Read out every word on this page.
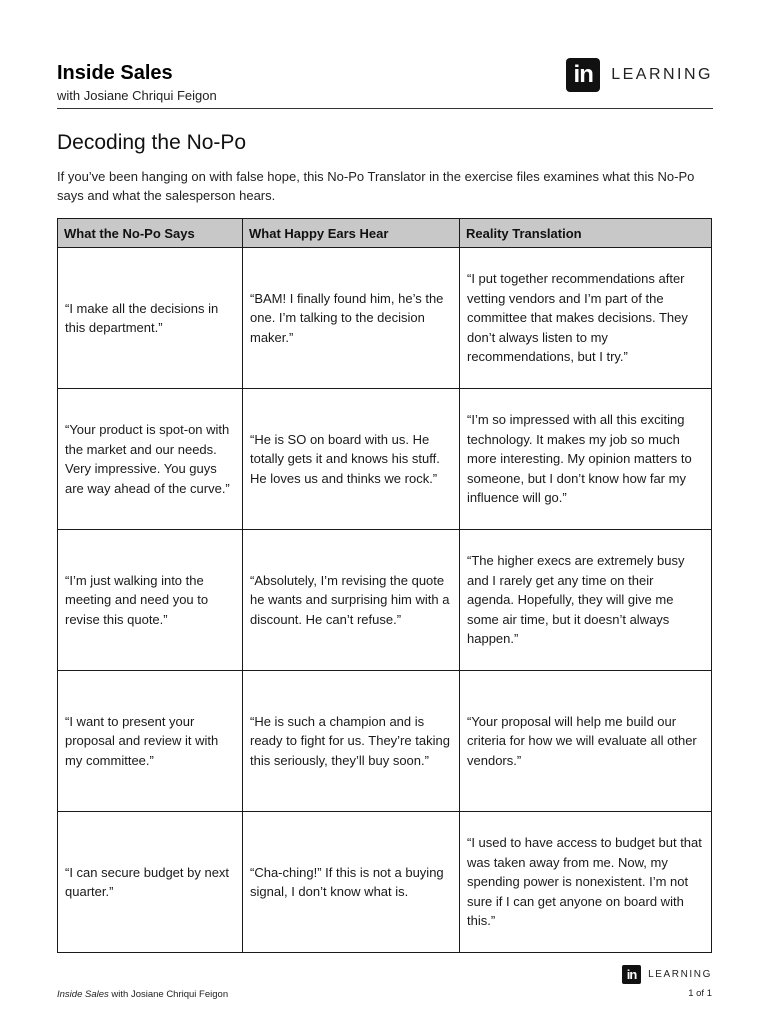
Inside Sales
with Josiane Chriqui Feigon
in	LEARNING
Decoding the No-Po
If you’ve been hanging on with false hope, this No-Po Translator in the exercise files examines what this No-Po says and what the salesperson hears.
What the No-Po Says	What Happy Ears Hear	Reality Translation
“I make all the decisions in this department.”	“BAM! I finally found him, he’s the one. I’m talking to the decision maker.”	“I put together recommendations after vetting vendors and I’m part of the committee that makes decisions. They don’t always listen to my recommendations, but I try.”
“Your product is spot-on with the market and our needs. Very impressive. You guys are way ahead of the curve.”	“He is SO on board with us. He totally gets it and knows his stuff. He loves us and thinks we rock.”	“I’m so impressed with all this exciting technology. It makes my job so much more interesting. My opinion matters to someone, but I don’t know how far my influence will go.”
“I’m just walking into the meeting and need you to revise this quote.”	“Absolutely, I’m revising the quote he wants and surprising him with a discount. He can’t refuse.”	“The higher execs are extremely busy and I rarely get any time on their agenda. Hopefully, they will give me some air time, but it doesn’t always happen.”
“I want to present your proposal and review it with my committee.”	“He is such a champion and is ready to fight for us. They’re taking this seriously, they’ll buy soon.”	“Your proposal will help me build our criteria for how we will evaluate all other vendors.”
“I can secure budget by next quarter.”	“Cha-ching!” If this is not a buying signal, I don’t know what is.	“I used to have access to budget but that was taken away from me. Now, my spending power is nonexistent. I’m not sure if I can get anyone on board with this.”
in	LEARNING
Inside Sales with Josiane Chriqui Feigon	1 of 1
